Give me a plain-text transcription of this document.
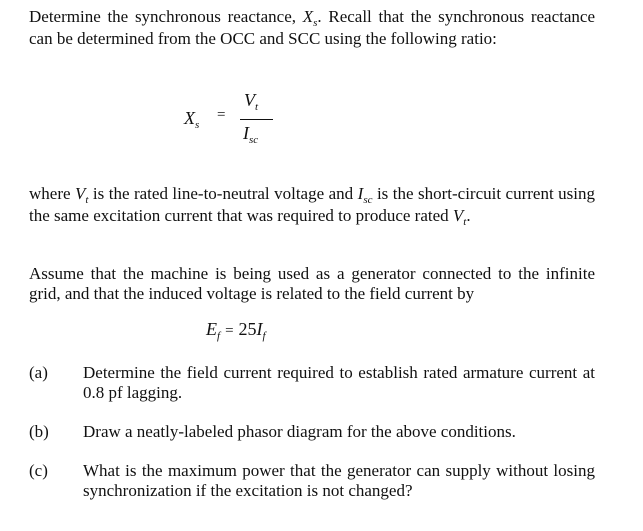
Determine the synchronous reactance, $X_s$. Recall that the synchronous reactance can be determined from the OCC and SCC using the following ratio:

$X_s$
=
$V_t$
$I_{sc}$

where $V_t$ is the rated line-to-neutral voltage and $I_{sc}$ is the short-circuit current using the same excitation current that was required to produce rated $V_t$.

Assume that the machine is being used as a generator connected to the infinite grid, and that the induced voltage is related to the field current by

$E_f = 25I_f$
(a) Determine the field current required to establish rated armature current at 0.8 pf lagging.
(b) Draw a neatly-labeled phasor diagram for the above conditions.
(c) What is the maximum power that the generator can supply without losing synchronization if the excitation is not changed?
